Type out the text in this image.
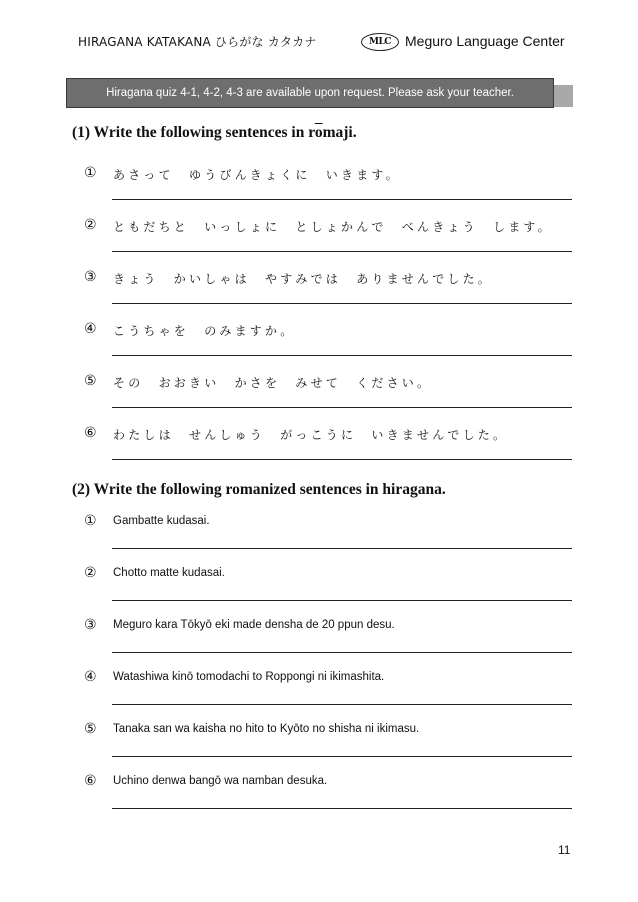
HIRAGANA KATAKANA ひらがな カタカナ	MLC	Meguro Language Center
Hiragana quiz 4-1, 4-2, 4-3 are available upon request. Please ask your teacher.
(1) Write the following sentences in $r\overline{o}maji$.
① あさって　ゆうびんきょくに　いきます。
② ともだちと　いっしょに　としょかんで　べんきょう　します。
③ きょう　かいしゃは　やすみでは　ありませんでした。
④ こうちゃを　のみますか。
⑤ その　おおきい　かさを　みせて　ください。
⑥ わたしは　せんしゅう　がっこうに　いきませんでした。
(2) Write the following romanized sentences in hiragana.
① Gambatte kudasai.
② Chotto matte kudasai.
③ Meguro kara Tōkyō eki made densha de 20 ppun desu.
④ Watashiwa kinō tomodachi to Roppongi ni ikimashita.
⑤ Tanaka san wa kaisha no hito to Kyōto no shisha ni ikimasu.
⑥ Uchino denwa bangō wa namban desuka.
11
